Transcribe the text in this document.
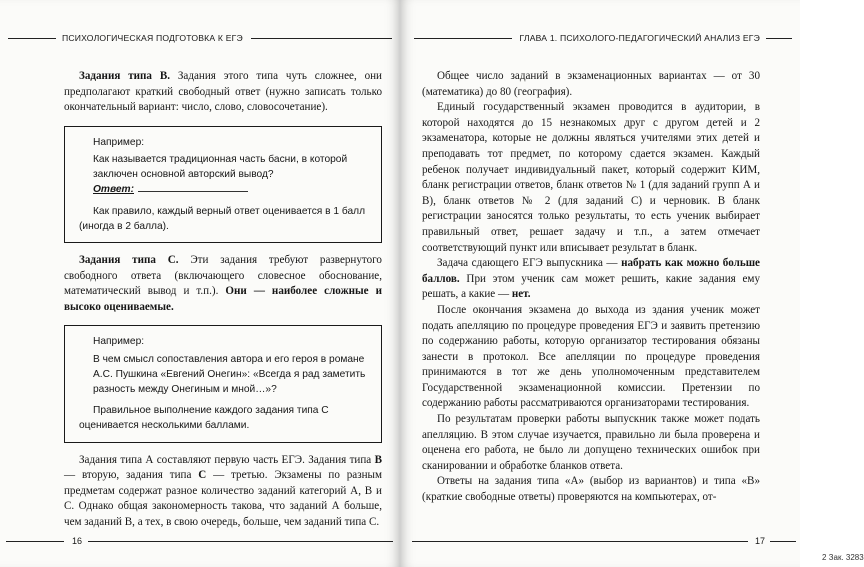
ПСИХОЛОГИЧЕСКАЯ ПОДГОТОВКА К ЕГЭ

Задания типа В. Задания этого типа чуть сложнее, они предполагают краткий свободный ответ (нужно записать только окончательный вариант: число, слово, словосочетание).

Например:

Как называется традиционная часть басни, в которой заключен основной авторский вывод?

Ответ:

Как правило, каждый верный ответ оценивается в 1 балл (иногда в 2 балла).

Задания типа С. Эти задания требуют развернутого свободного ответа (включающего словесное обоснование, математический вывод и т.п.). Они — наиболее сложные и высоко оцениваемые.

Например:

В чем смысл сопоставления автора и его героя в романе А.С. Пушкина «Евгений Онегин»: «Всегда я рад заметить разность между Онегиным и мной…»?

Правильное выполнение каждого задания типа С оценивается несколькими баллами.

Задания типа А составляют первую часть ЕГЭ. Задания типа В — вторую, задания типа С — третью. Экзамены по разным предметам содержат разное количество заданий категорий А, В и С. Однако общая закономерность такова, что заданий А больше, чем заданий В, а тех, в свою очередь, больше, чем заданий типа С.

16
ГЛАВА 1. ПСИХОЛОГО-ПЕДАГОГИЧЕСКИЙ АНАЛИЗ ЕГЭ

Общее число заданий в экзаменационных вариантах — от 30 (математика) до 80 (география).

Единый государственный экзамен проводится в аудитории, в которой находятся до 15 незнакомых друг с другом детей и 2 экзаменатора, которые не должны являться учителями этих детей и преподавать тот предмет, по которому сдается экзамен. Каждый ребенок получает индивидуальный пакет, который содержит КИМ, бланк регистрации ответов, бланк ответов № 1 (для заданий групп А и В), бланк ответов № 2 (для заданий С) и черновик. В бланк регистрации заносятся только результаты, то есть ученик выбирает правильный ответ, решает задачу и т.п., а затем отмечает соответствующий пункт или вписывает результат в бланк.

Задача сдающего ЕГЭ выпускника — набрать как можно больше баллов. При этом ученик сам может решить, какие задания ему решать, а какие — нет.

После окончания экзамена до выхода из здания ученик может подать апелляцию по процедуре проведения ЕГЭ и заявить претензию по содержанию работы, которую организатор тестирования обязаны занести в протокол. Все апелляции по процедуре проведения принимаются в тот же день уполномоченным представителем Государственной экзаменационной комиссии. Претензии по содержанию работы рассматриваются организаторами тестирования.

По результатам проверки работы выпускник также может подать апелляцию. В этом случае изучается, правильно ли была проверена и оценена его работа, не было ли допущено технических ошибок при сканировании и обработке бланков ответа.

Ответы на задания типа «А» (выбор из вариантов) и типа «В» (краткие свободные ответы) проверяются на компьютерах, от-

17
2 Зак. 3283
